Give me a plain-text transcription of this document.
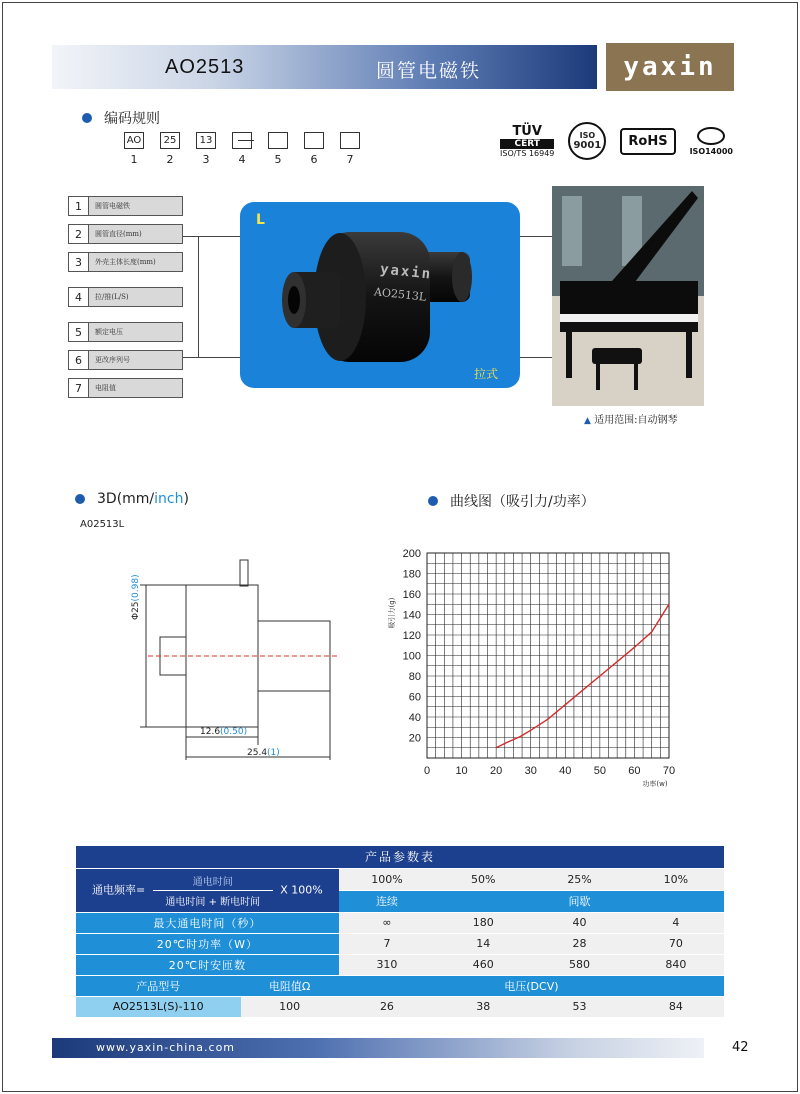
AO2513	圆管电磁铁	yaxin
编码规则
AO
1
25
2
13
3	4	5	6	7
TÜV
CERT
ISO/TS 16949
ISO
9001	RoHS
ISO14000
1	圆管电磁铁
2	圆管直径(mm)
3	外壳主体长度(mm)
4	拉/推(L/S)
5	额定电压
6	更改序列号
7	电阻值
L
yaxin
AO2513L
拉式
▲ 适用范围:自动钢琴
3D(mm/inch)
A02513L
Φ25(0.98)
12.6(0.50)
25.4(1)
曲线图（吸引力/功率）
20
40
60
80
100
120
140
160
180
200
0 10 20 30 40 50 60 70
功率(w)
吸引力(g)
产品参数表					
通电频率= $\frac{\text{通电时间}}{\text{通电时间 + 断电时间}}$ X 100%		100%	50%	25%	10%
		连续	间歇		
最大通电时间（秒）		∞	180	40	4
20℃时功率（W）		7	14	28	70
20℃时安匝数		310	460	580	840
产品型号	电阻值Ω	电压(DCV)			
AO2513L(S)-110	100	26	38	53	84
www.yaxin-china.com	42
